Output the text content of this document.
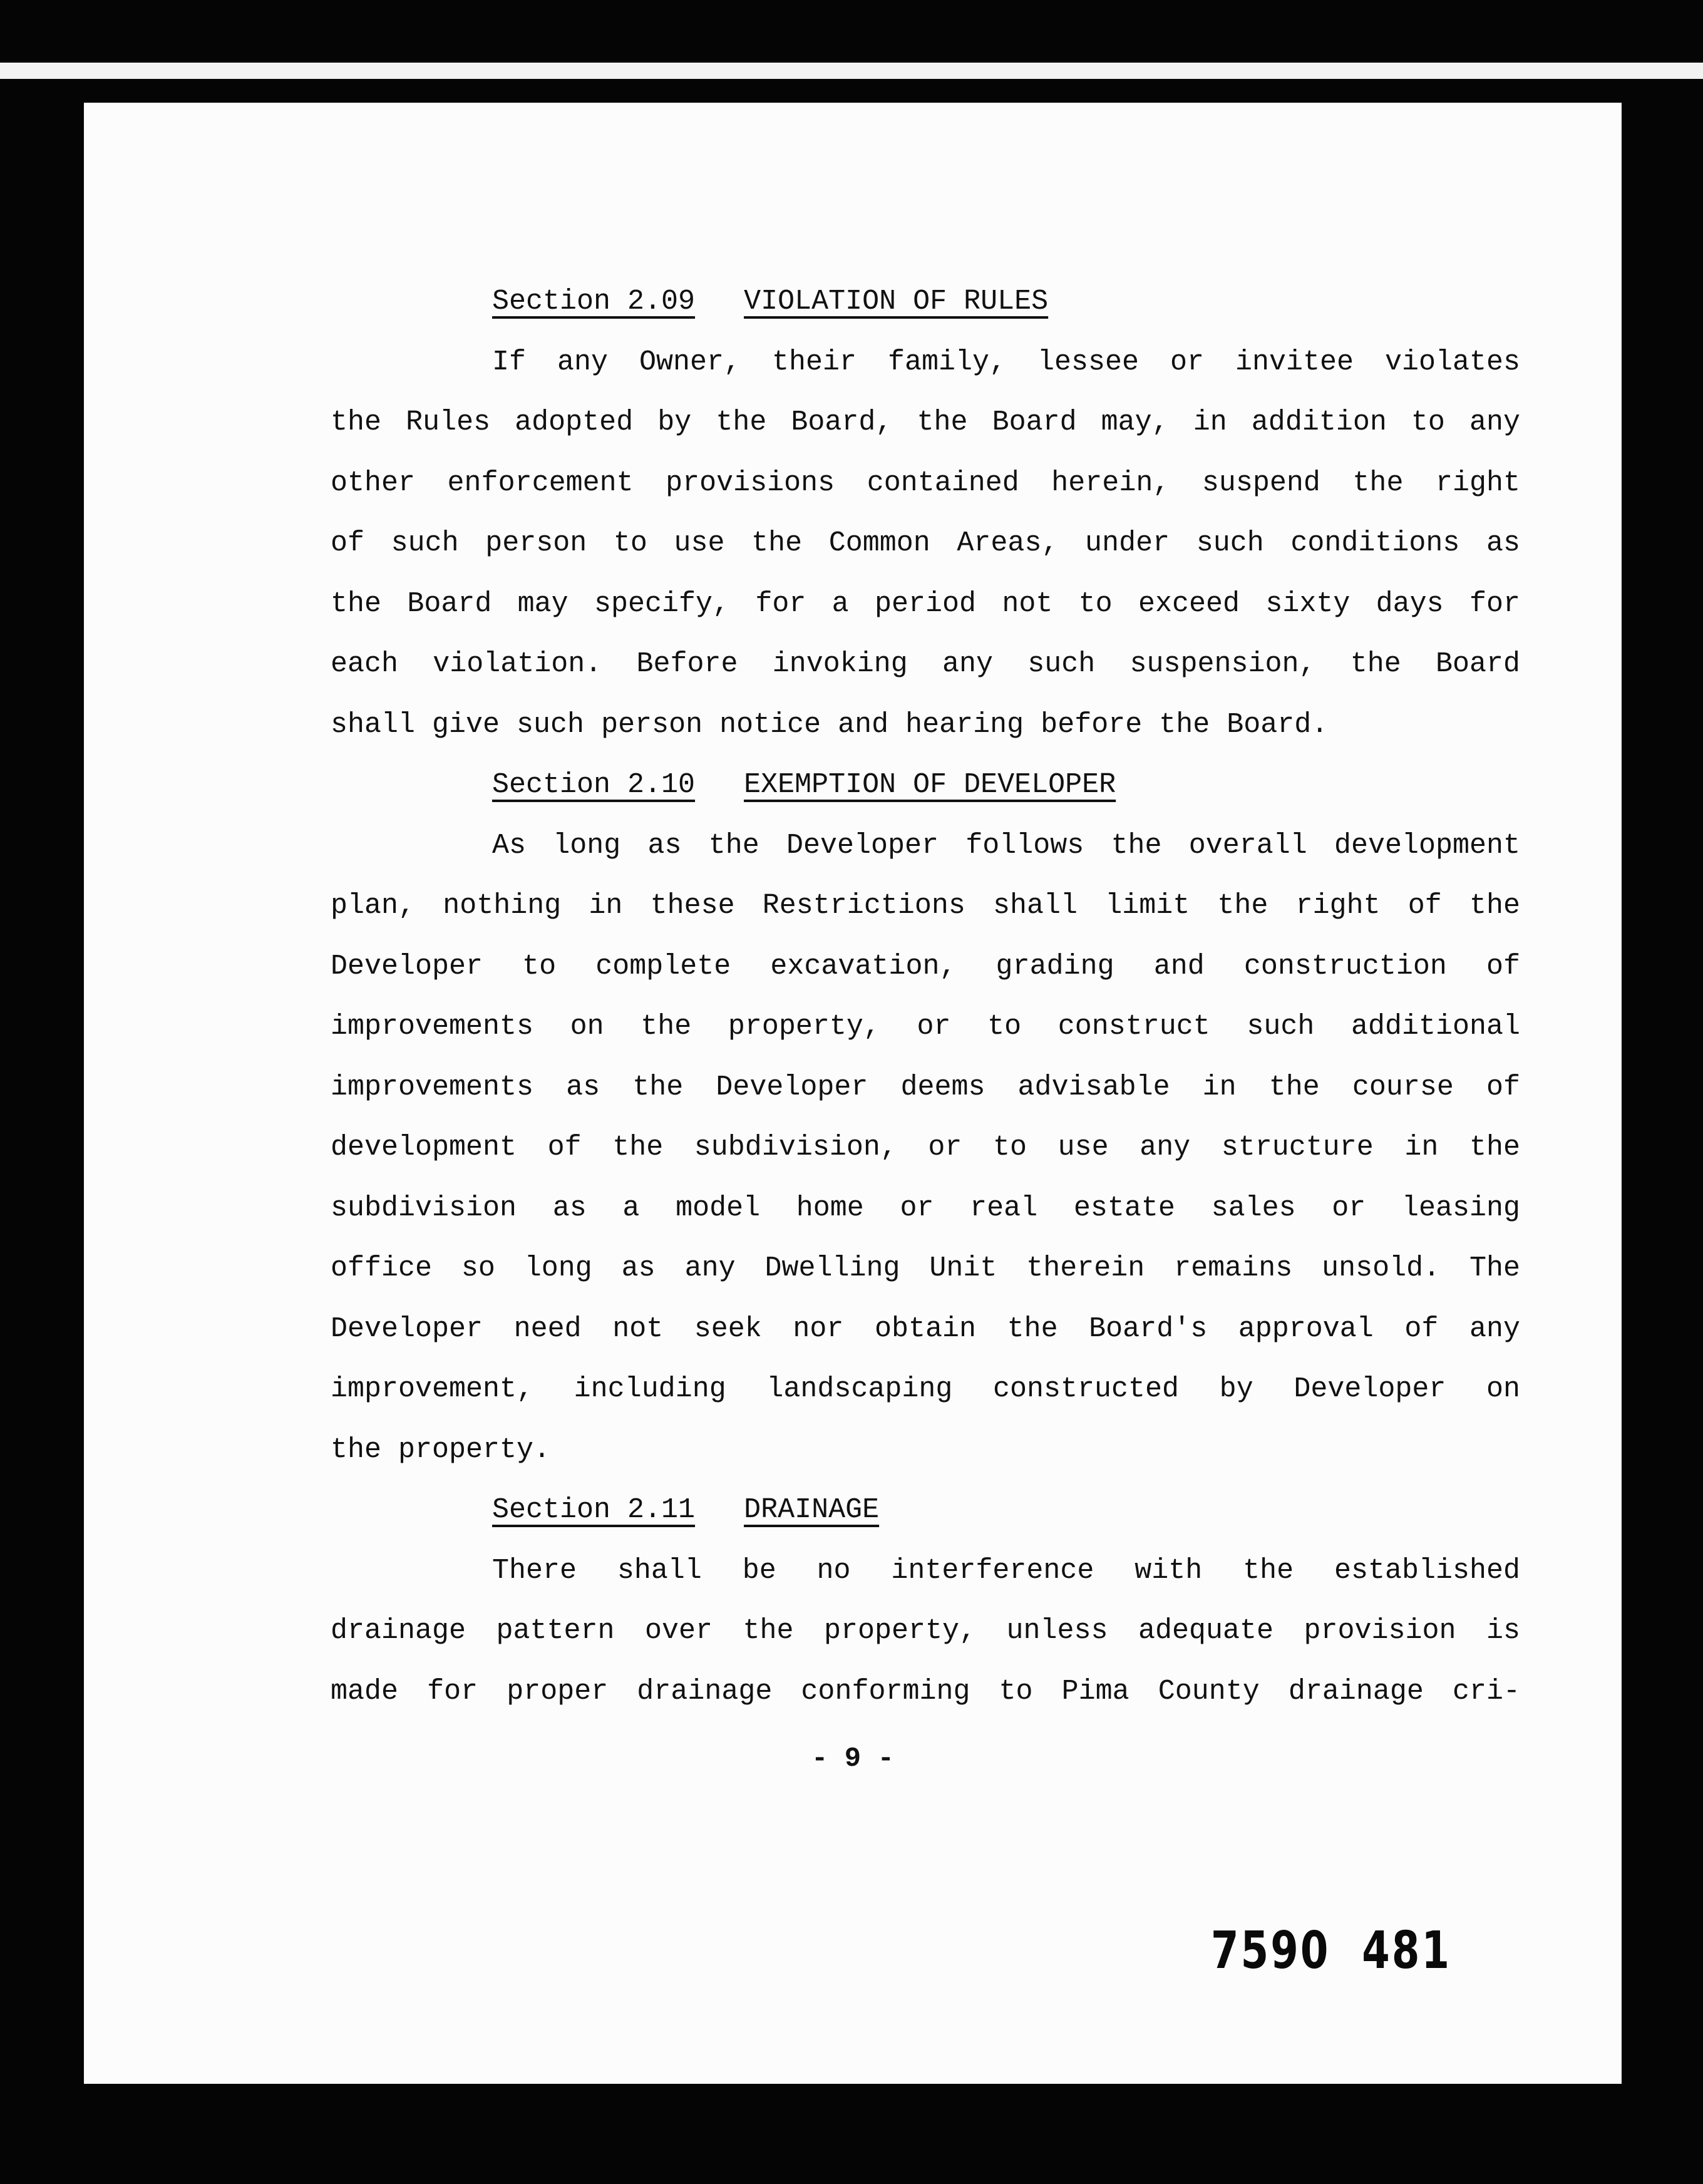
Section 2.09 VIOLATION OF RULES

If any Owner, their family, lessee or invitee violates

the Rules adopted by the Board, the Board may, in addition to any

other enforcement provisions contained herein, suspend the right

of such person to use the Common Areas, under such conditions as

the Board may specify, for a period not to exceed sixty days for

each violation. Before invoking any such suspension, the Board

shall give such person notice and hearing before the Board.

Section 2.10 EXEMPTION OF DEVELOPER

As long as the Developer follows the overall development

plan, nothing in these Restrictions shall limit the right of the

Developer to complete excavation, grading and construction of

improvements on the property, or to construct such additional

improvements as the Developer deems advisable in the course of

development of the subdivision, or to use any structure in the

subdivision as a model home or real estate sales or leasing

office so long as any Dwelling Unit therein remains unsold. The

Developer need not seek nor obtain the Board's approval of any

improvement, including landscaping constructed by Developer on

the property.

Section 2.11 DRAINAGE

There shall be no interference with the established

drainage pattern over the property, unless adequate provision is

made for proper drainage conforming to Pima County drainage cri-

- 9 -
7590  481
